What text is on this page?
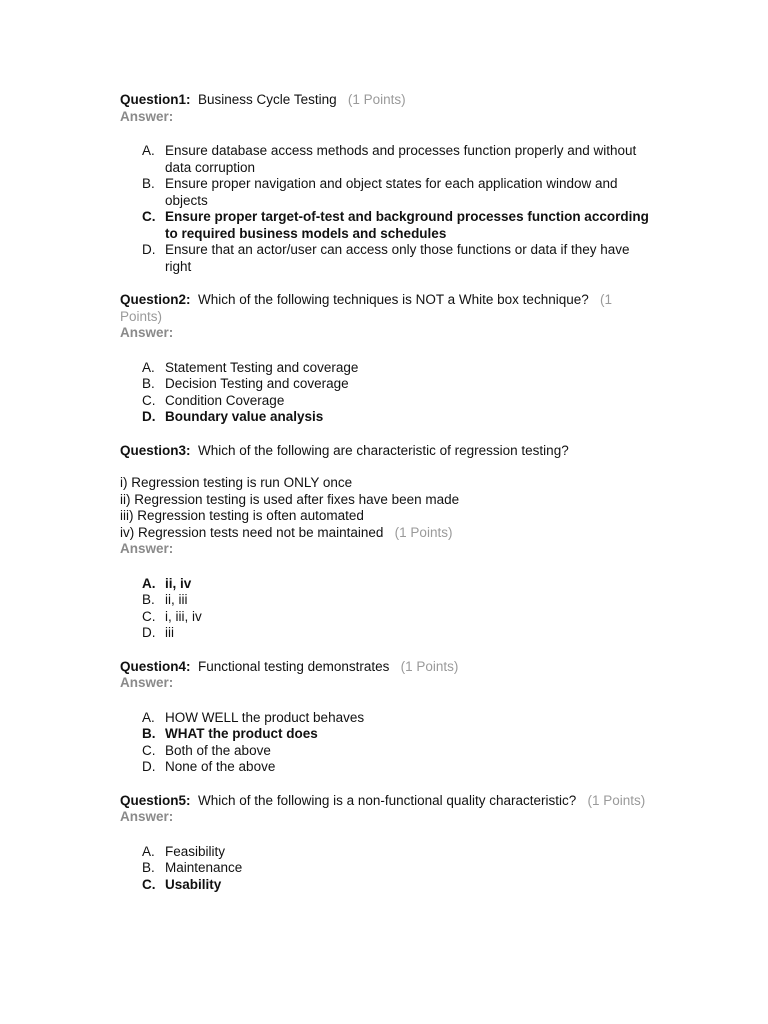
Question1: Business Cycle Testing (1 Points)
Answer:
A. Ensure database access methods and processes function properly and without data corruption
B. Ensure proper navigation and object states for each application window and objects
C. Ensure proper target-of-test and background processes function according to required business models and schedules
D. Ensure that an actor/user can access only those functions or data if they have right
Question2: Which of the following techniques is NOT a White box technique? (1 Points)
Answer:
A. Statement Testing and coverage
B. Decision Testing and coverage
C. Condition Coverage
D. Boundary value analysis
Question3: Which of the following are characteristic of regression testing?
i) Regression testing is run ONLY once
ii) Regression testing is used after fixes have been made
iii) Regression testing is often automated
iv) Regression tests need not be maintained (1 Points)
Answer:
A. ii, iv
B. ii, iii
C. i, iii, iv
D. iii
Question4: Functional testing demonstrates (1 Points)
Answer:
A. HOW WELL the product behaves
B. WHAT the product does
C. Both of the above
D. None of the above
Question5: Which of the following is a non-functional quality characteristic? (1 Points)
Answer:
A. Feasibility
B. Maintenance
C. Usability
